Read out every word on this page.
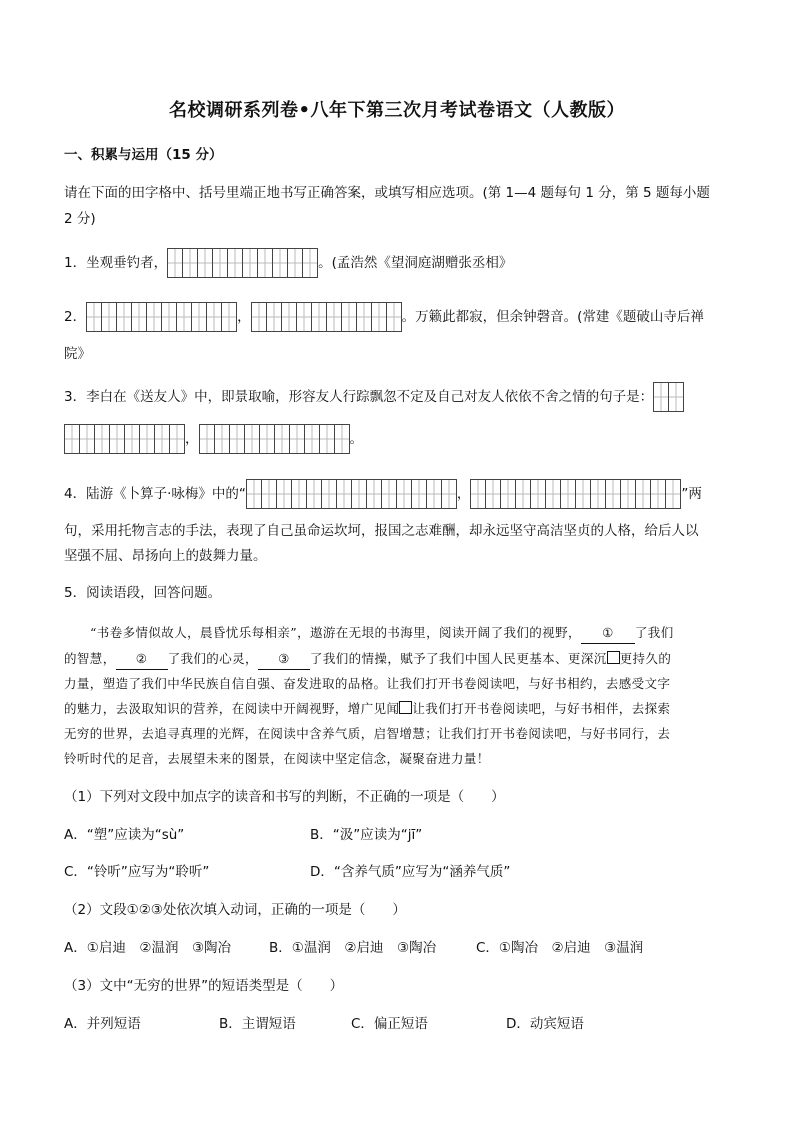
名校调研系列卷•八年下第三次月考试卷语文（人教版）
一、积累与运用（15 分）
请在下面的田字格中、括号里端正地书写正确答案，或填写相应选项。(第 1—4 题每句 1 分，第 5 题每小题
2 分)
1．坐观垂钓者，	。(孟浩然《望洞庭湖赠张丞相》
2．	，	。万籁此都寂，但余钟磬音。(常建《题破山寺后禅
院》
3．李白在《送友人》中，即景取喻，形容友人行踪飘忽不定及自己对友人依依不舍之情的句子是：
，	。
4．陆游《卜算子·咏梅》中的“	，	”两
句，采用托物言志的手法，表现了自己虽命运坎坷，报国之志难酬，却永远坚守高洁坚贞的人格，给后人以
坚强不屈、昂扬向上的鼓舞力量。
5．阅读语段，回答问题。
“书卷多情似故人，晨昏忧乐每相亲”，遨游在无垠的书海里，阅读开阔了我们的视野， ① 了我们
的智慧， ② 了我们的心灵， ③ 了我们的情操，赋予了我们中国人民更基本、更深沉 更持久的
力量，塑造了我们中华民族自信自强、奋发进取的品格。让我们打开书卷阅读吧，与好书相约，去感受文字
的魅力，去汲取知识的营养，在阅读中开阔视野，增广见闻 让我们打开书卷阅读吧，与好书相伴，去探索
无穷的世界，去追寻真理的光辉，在阅读中含养气质，启智增慧；让我们打开书卷阅读吧，与好书同行，去
铃听时代的足音，去展望未来的图景，在阅读中坚定信念，凝聚奋进力量！
（1）下列对文段中加点字的读音和书写的判断，不正确的一项是（　　）
A．“塑”应读为“sù”	B．“汲”应读为“jī”
C．“铃听”应写为“聆听”	D．“含养气质”应写为“涵养气质”
（2）文段①②③处依次填入动词，正确的一项是（　　）
A．①启迪　②温润　③陶冶	B．①温润　②启迪　③陶冶	C．①陶冶　②启迪　③温润
（3）文中“无穷的世界”的短语类型是（　　）
A．并列短语	B．主谓短语	C．偏正短语	D．动宾短语
